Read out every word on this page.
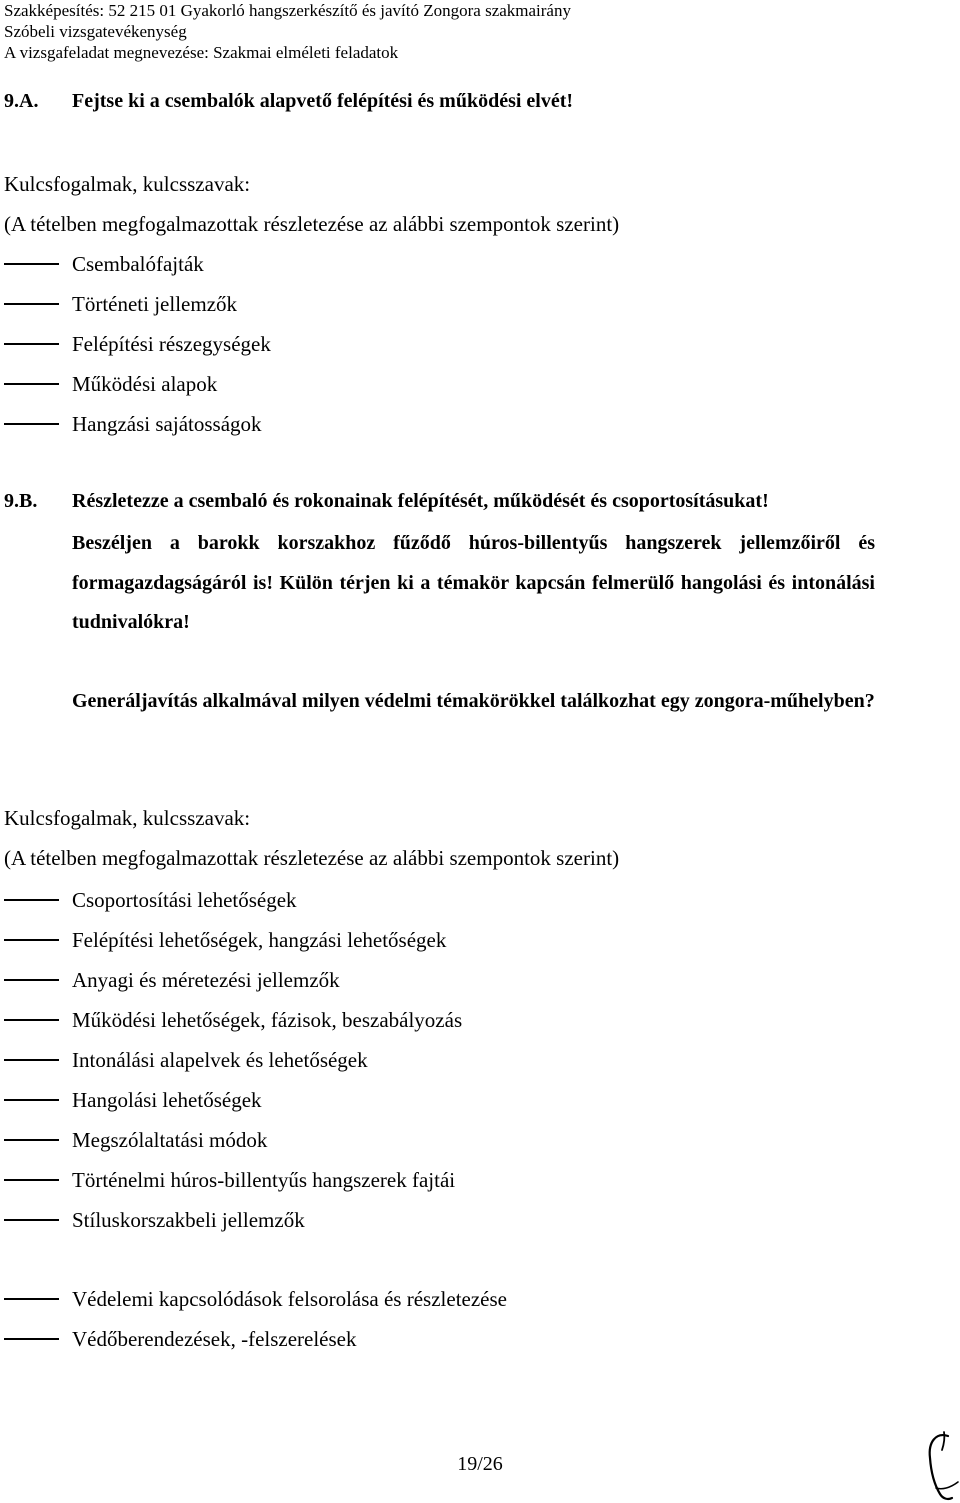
Szakképesítés: 52 215 01 Gyakorló hangszerkészítő és javító Zongora szakmairány
Szóbeli vizsgatevékenység
A vizsgafeladat megnevezése: Szakmai elméleti feladatok
9.A. Fejtse ki a csembalók alapvető felépítési és működési elvét!
Kulcsfogalmak, kulcsszavak:
(A tételben megfogalmazottak részletezése az alábbi szempontok szerint)
Csembalófajták
Történeti jellemzők
Felépítési részegységek
Működési alapok
Hangzási sajátosságok
9.B. Részletezze a csembaló és rokonainak felépítését, működését és csoportosításukat!
Beszéljen a barokk korszakhoz fűződő húros-billentyűs hangszerek jellemzőiről és formagazdagságáról is! Külön térjen ki a témakör kapcsán felmerülő hangolási és intonálási tudnivalókra!
Generáljavítás alkalmával milyen védelmi témakörökkel találkozhat egy zongora-műhelyben?
Kulcsfogalmak, kulcsszavak:
(A tételben megfogalmazottak részletezése az alábbi szempontok szerint)
Csoportosítási lehetőségek
Felépítési lehetőségek, hangzási lehetőségek
Anyagi és méretezési jellemzők
Működési lehetőségek, fázisok, beszabályozás
Intonálási alapelvek és lehetőségek
Hangolási lehetőségek
Megszólaltatási módok
Történelmi húros-billentyűs hangszerek fajtái
Stíluskorszakbeli jellemzők
Védelemi kapcsolódások felsorolása és részletezése
Védőberendezések, -felszerelések
19/26
